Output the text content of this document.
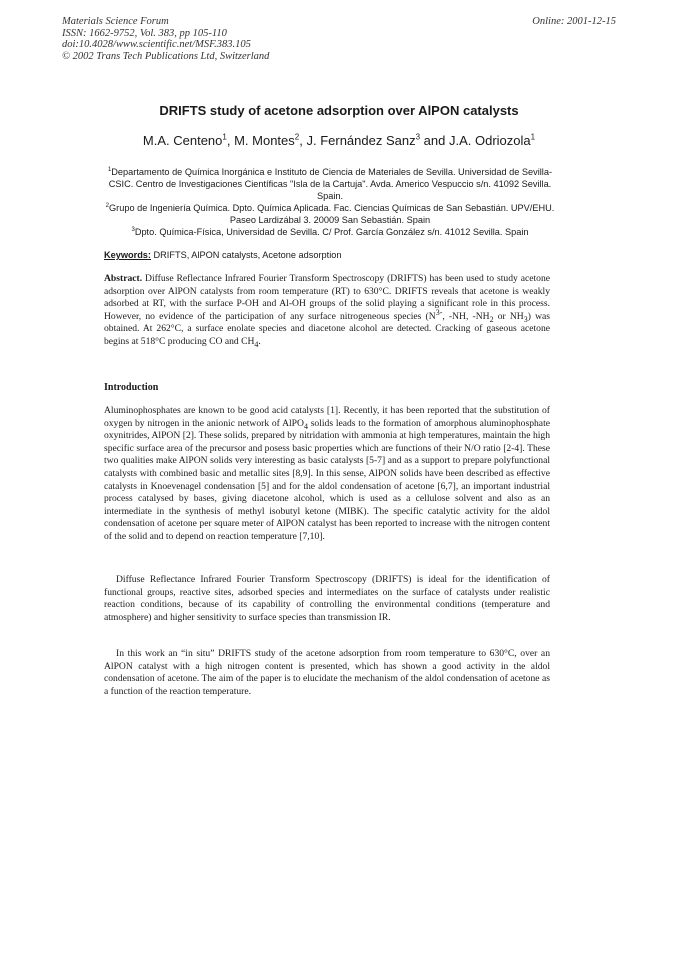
Materials Science Forum
ISSN: 1662-9752, Vol. 383, pp 105-110
doi:10.4028/www.scientific.net/MSF.383.105
© 2002 Trans Tech Publications Ltd, Switzerland
Online: 2001-12-15
DRIFTS study of acetone adsorption over AlPON catalysts
M.A. Centeno$^1$, M. Montes$^2$, J. Fernández Sanz$^3$ and J.A. Odriozola$^1$

$^1$Departamento de Química Inorgánica e Instituto de Ciencia de Materiales de Sevilla. Universidad de Sevilla-CSIC. Centro de Investigaciones Científicas "Isla de la Cartuja". Avda. Americo Vespuccio s/n. 41092 Sevilla. Spain.

$^2$Grupo de Ingeniería Química. Dpto. Química Aplicada. Fac. Ciencias Químicas de San Sebastián. UPV/EHU. Paseo Lardizábal 3. 20009 San Sebastián. Spain

$^3$Dpto. Química-Física, Universidad de Sevilla. C/ Prof. García González s/n. 41012 Sevilla. Spain

Keywords: DRIFTS, AlPON catalysts, Acetone adsorption

Abstract. Diffuse Reflectance Infrared Fourier Transform Spectroscopy (DRIFTS) has been used to study acetone adsorption over AlPON catalysts from room temperature (RT) to 630°C. DRIFTS reveals that acetone is weakly adsorbed at RT, with the surface P-OH and Al-OH groups of the solid playing a significant role in this process. However, no evidence of the participation of any surface nitrogeneous species ($N^{3-}$, -NH, $-NH_2$ or $NH_3$) was obtained. At 262°C, a surface enolate species and diacetone alcohol are detected. Cracking of gaseous acetone begins at 518°C producing CO and $CH_4$.

Introduction

Aluminophosphates are known to be good acid catalysts [1]. Recently, it has been reported that the substitution of oxygen by nitrogen in the anionic network of AlPO$_4$ solids leads to the formation of amorphous aluminophosphate oxynitrides, AlPON [2]. These solids, prepared by nitridation with ammonia at high temperatures, maintain the high specific surface area of the precursor and posess basic properties which are functions of their N/O ratio [2-4]. These two qualities make AlPON solids very interesting as basic catalysts [5-7] and as a support to prepare polyfunctional catalysts with combined basic and metallic sites [8,9]. In this sense, AlPON solids have been described as effective catalysts in Knoevenagel condensation [5] and for the aldol condensation of acetone [6,7], an important industrial process catalysed by bases, giving diacetone alcohol, which is used as a cellulose solvent and also as an intermediate in the synthesis of methyl isobutyl ketone (MIBK). The specific catalytic activity for the aldol condensation of acetone per square meter of AlPON catalyst has been reported to increase with the nitrogen content of the solid and to depend on reaction temperature [7,10].

Diffuse Reflectance Infrared Fourier Transform Spectroscopy (DRIFTS) is ideal for the identification of functional groups, reactive sites, adsorbed species and intermediates on the surface of catalysts under realistic reaction conditions, because of its capability of controlling the environmental conditions (temperature and atmosphere) and higher sensitivity to surface species than transmission IR.

In this work an “in situ” DRIFTS study of the acetone adsorption from room temperature to 630°C, over an AlPON catalyst with a high nitrogen content is presented, which has shown a good activity in the aldol condensation of acetone. The aim of the paper is to elucidate the mechanism of the aldol condensation of acetone as a function of the reaction temperature.
